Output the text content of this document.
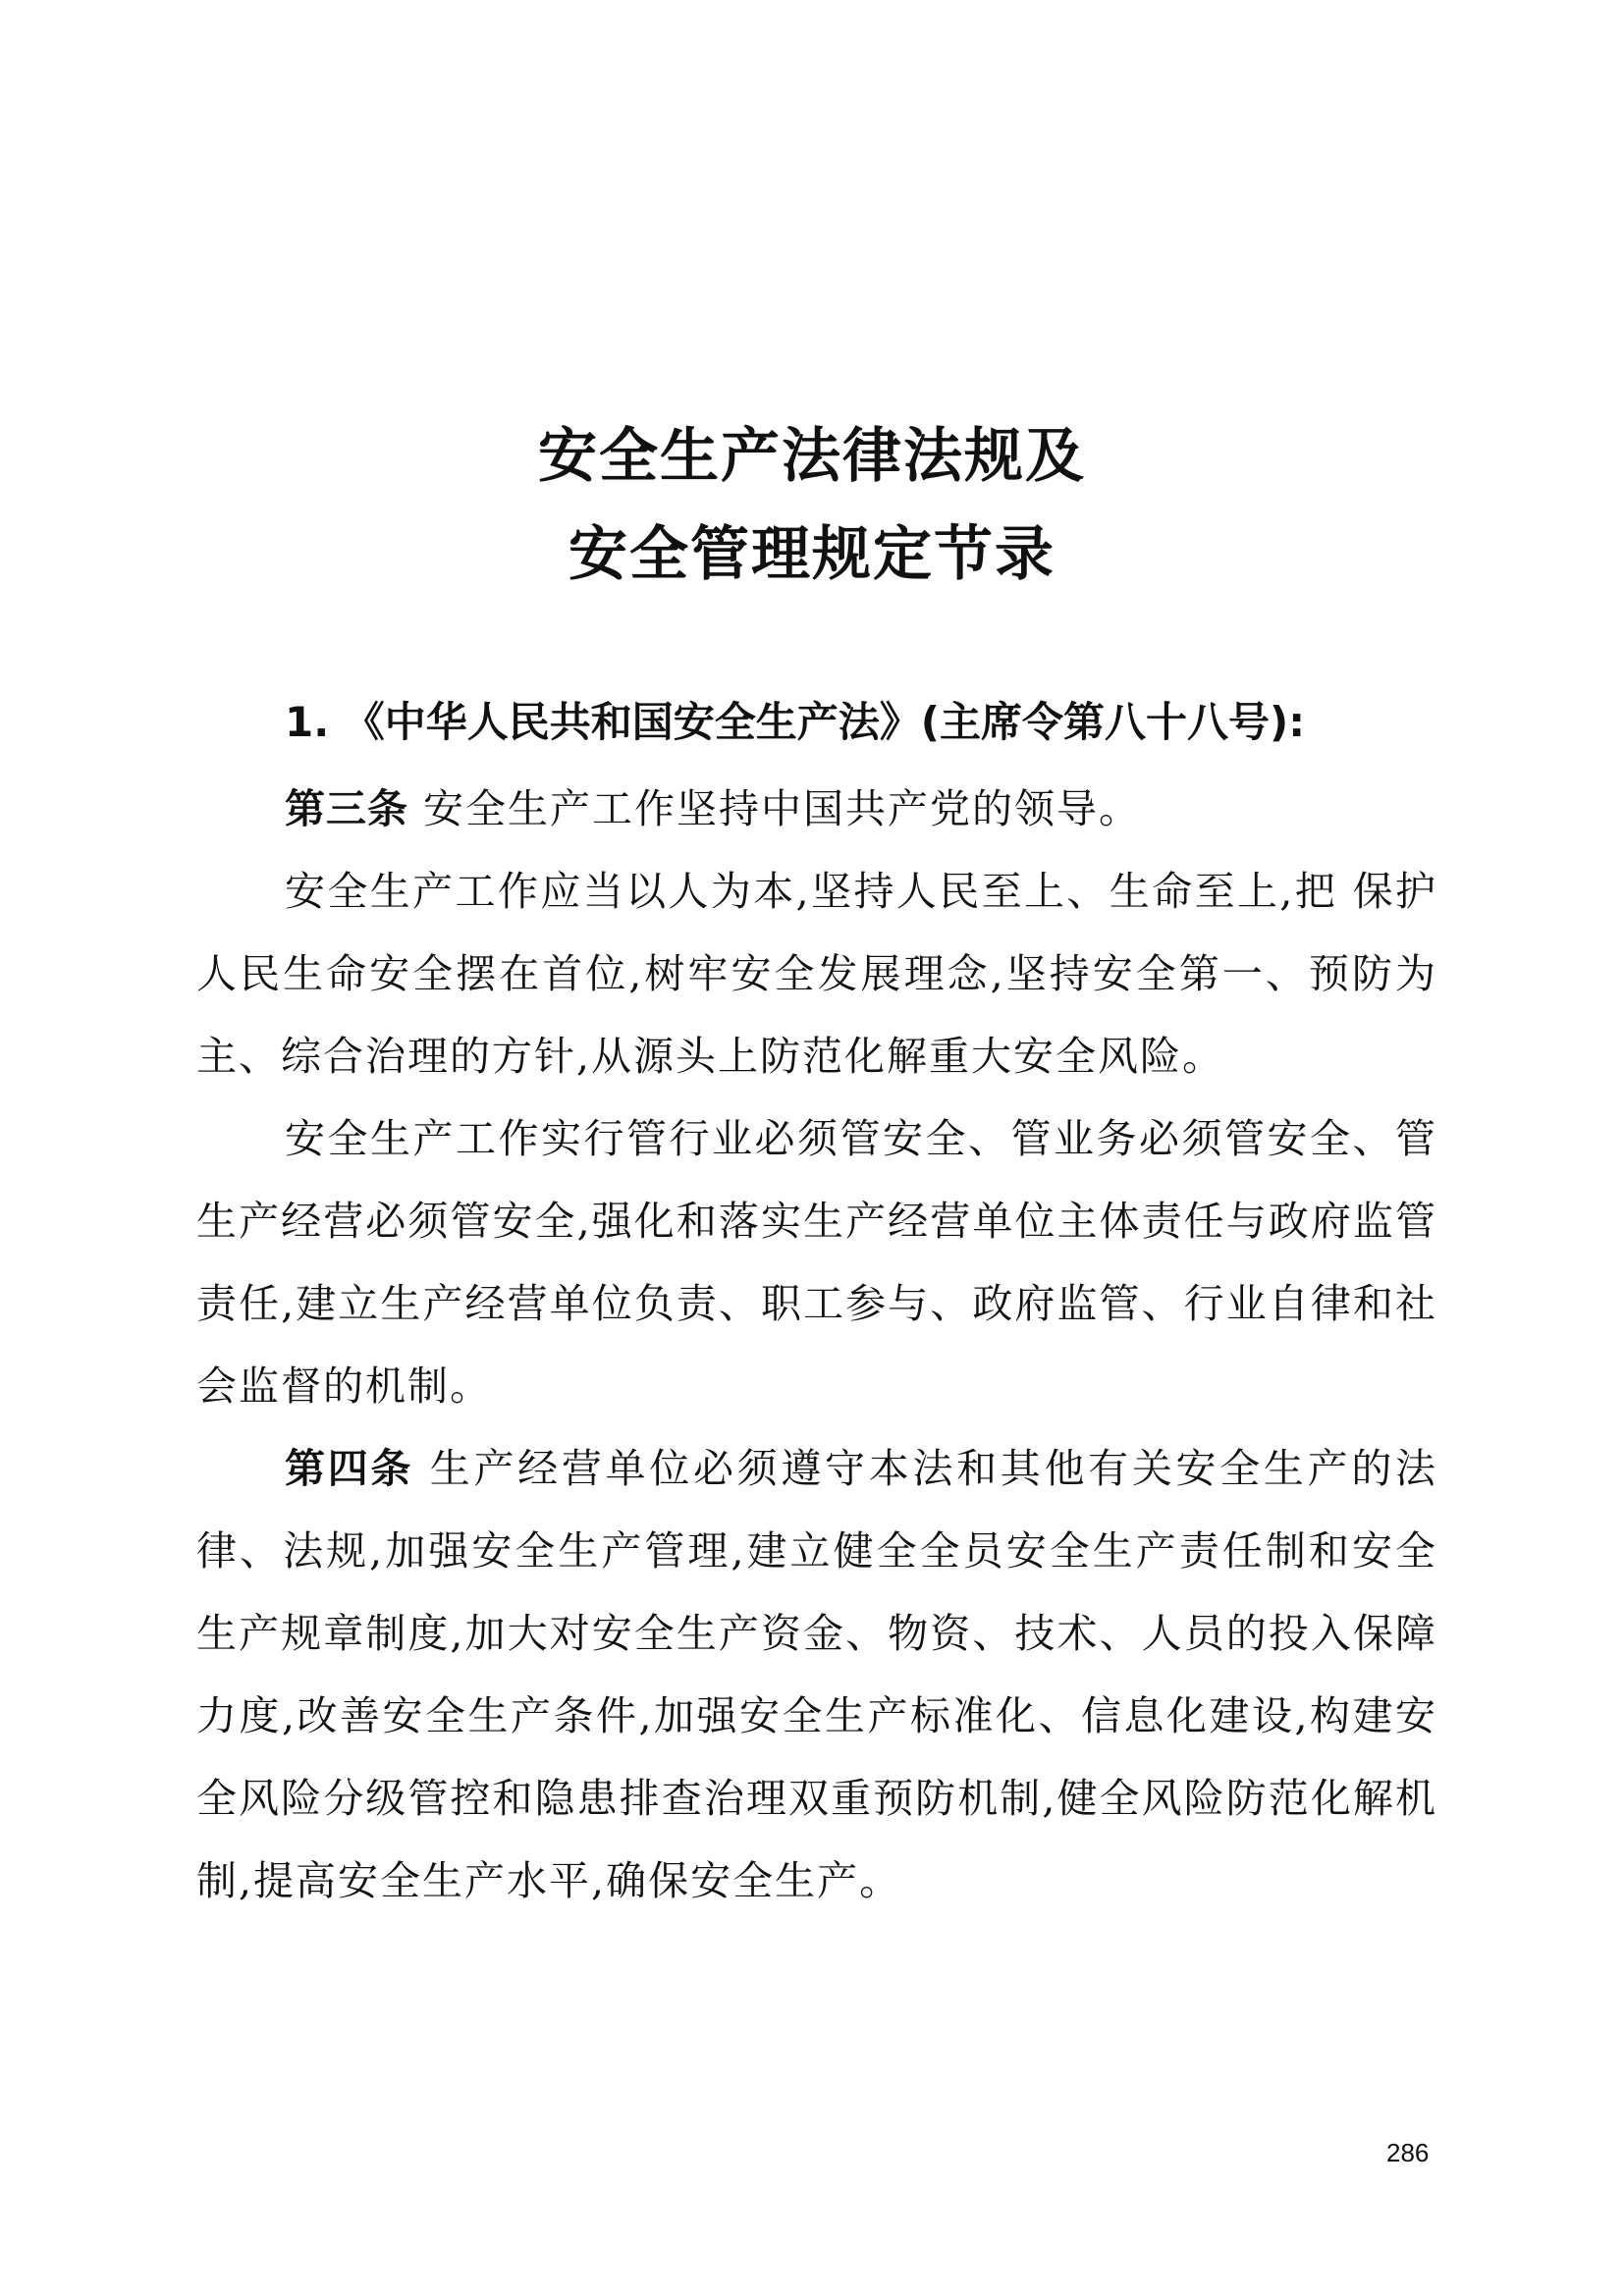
安全生产法律法规及
安全管理规定节录
1. 《中华人民共和国安全生产法》(主席令第八十八号):

第三条 安全生产工作坚持中国共产党的领导。

安全生产工作应当以人为本,坚持人民至上、生命至上,把 保护人民生命安全摆在首位,树牢安全发展理念,坚持安全第一、预防为主、综合治理的方针,从源头上防范化解重大安全风险。

安全生产工作实行管行业必须管安全、管业务必须管安全、管生产经营必须管安全,强化和落实生产经营单位主体责任与政府监管责任,建立生产经营单位负责、职工参与、政府监管、行业自律和社会监督的机制。

第四条 生产经营单位必须遵守本法和其他有关安全生产的法律、法规,加强安全生产管理,建立健全全员安全生产责任制和安全生产规章制度,加大对安全生产资金、物资、技术、人员的投入保障力度,改善安全生产条件,加强安全生产标准化、信息化建设,构建安全风险分级管控和隐患排查治理双重预防机制,健全风险防范化解机制,提高安全生产水平,确保安全生产。

286
